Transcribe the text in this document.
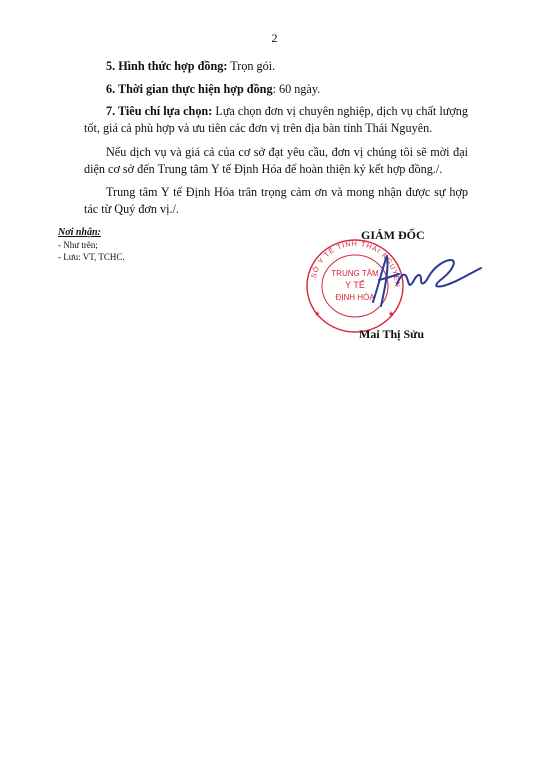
2

5. Hình thức hợp đồng: Trọn gói.

6. Thời gian thực hiện hợp đồng: 60 ngày.

7. Tiêu chí lựa chọn: Lựa chọn đơn vị chuyên nghiệp, dịch vụ chất lượng tốt, giá cả phù hợp và ưu tiên các đơn vị trên địa bàn tỉnh Thái Nguyên.

Nếu dịch vụ và giá cả của cơ sở đạt yêu cầu, đơn vị chúng tôi sẽ mời đại diện cơ sở đến Trung tâm Y tế Định Hóa để hoàn thiện ký kết hợp đồng./.

Trung tâm Y tế Định Hóa trân trọng cảm ơn và mong nhận được sự hợp tác từ Quý đơn vị./.

Nơi nhận:
- Như trên;
- Lưu: VT, TCHC.
GIÁM ĐỐC
SỞ Y TẾ TỈNH THÁI NGUYÊN
TRUNG TÂM
Y TẾ
ĐỊNH HÓA
★	★
Mai Thị Sửu
